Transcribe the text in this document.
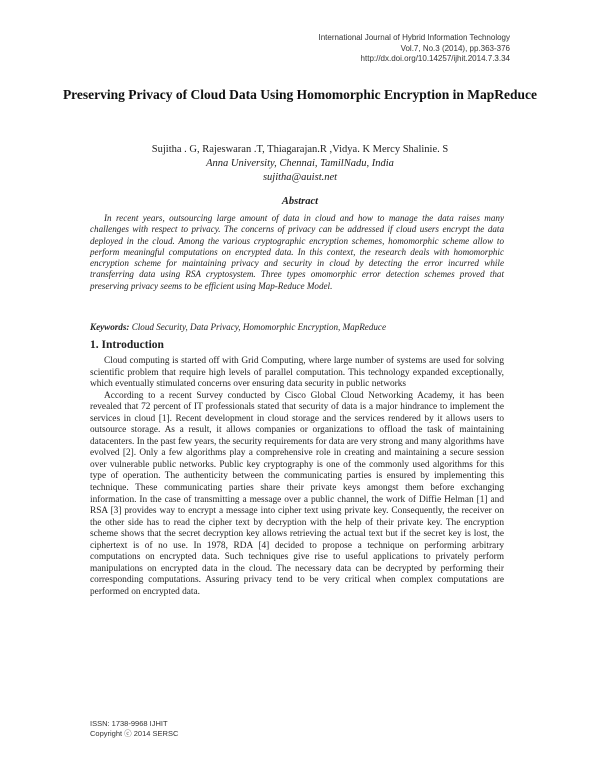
International Journal of Hybrid Information Technology
Vol.7, No.3 (2014), pp.363-376
http://dx.doi.org/10.14257/ijhit.2014.7.3.34
Preserving Privacy of Cloud Data Using Homomorphic Encryption in MapReduce
Sujitha . G, Rajeswaran .T, Thiagarajan.R ,Vidya. K Mercy Shalinie. S
Anna University, Chennai, TamilNadu, India
sujitha@auist.net
Abstract
In recent years, outsourcing large amount of data in cloud and how to manage the data raises many challenges with respect to privacy. The concerns of privacy can be addressed if cloud users encrypt the data deployed in the cloud. Among the various cryptographic encryption schemes, homomorphic scheme allow to perform meaningful computations on encrypted data. In this context, the research deals with homomorphic encryption scheme for maintaining privacy and security in cloud by detecting the error incurred while transferring data using RSA cryptosystem. Three types omomorphic error detection schemes proved that preserving privacy seems to be efficient using Map-Reduce Model.
Keywords: Cloud Security, Data Privacy, Homomorphic Encryption, MapReduce
1. Introduction

Cloud computing is started off with Grid Computing, where large number of systems are used for solving scientific problem that require high levels of parallel computation. This technology expanded exceptionally, which eventually stimulated concerns over ensuring data security in public networks

According to a recent Survey conducted by Cisco Global Cloud Networking Academy, it has been revealed that 72 percent of IT professionals stated that security of data is a major hindrance to implement the services in cloud [1]. Recent development in cloud storage and the services rendered by it allows users to outsource storage. As a result, it allows companies or organizations to offload the task of maintaining datacenters. In the past few years, the security requirements for data are very strong and many algorithms have evolved [2]. Only a few algorithms play a comprehensive role in creating and maintaining a secure session over vulnerable public networks. Public key cryptography is one of the commonly used algorithms for this type of operation. The authenticity between the communicating parties is ensured by implementing this technique. These communicating parties share their private keys amongst them before exchanging information. In the case of transmitting a message over a public channel, the work of Diffie Helman [1] and RSA [3] provides way to encrypt a message into cipher text using private key. Consequently, the receiver on the other side has to read the cipher text by decryption with the help of their private key. The encryption scheme shows that the secret decryption key allows retrieving the actual text but if the secret key is lost, the ciphertext is of no use. In 1978, RDA [4] decided to propose a technique on performing arbitrary computations on encrypted data. Such techniques give rise to useful applications to privately perform manipulations on encrypted data in the cloud. The necessary data can be decrypted by performing their corresponding computations. Assuring privacy tend to be very critical when complex computations are performed on encrypted data.

ISSN: 1738-9968 IJHIT
Copyright ⓒ 2014 SERSC
